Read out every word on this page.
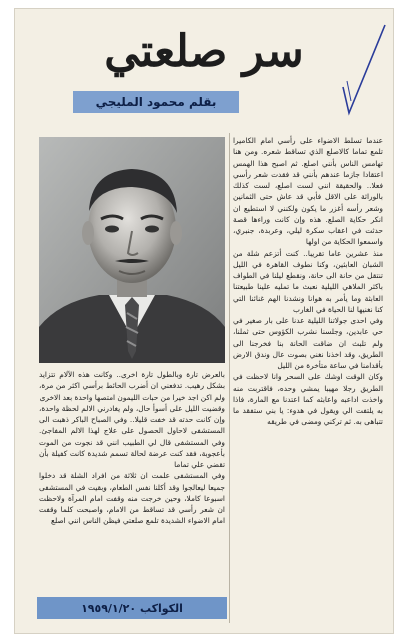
سر صلعتي
بقلم محمود المليجي

عندما تسلط الاضواء على رأسي امام الكاميرا تلمع تماما كالاصلع الذي تساقط شعره. ومن هنا تهامس الناس بأنني اصلع. ثم اصبح هذا الهمس اعتقادا جازما عندهم بأنني قد فقدت شعر رأسي فعلا.. والحقيقة انني لست اصلع، لست كذلك بالوراثة على الاقل فأبي قد عاش حتى الثمانين وشعر رأسه أغزر ما يكون ولكنني لا استطيع ان انكر حكاية الصلع. هذه وإن كانت وراءها قصة حدثت في اعقاب سكرة ليلي، وعربدة، جنبري، واسمعوا الحكاية من اولها

منذ عشرين عاما تقريبا.. كنت أتزعم شلة من الشبان العابثين، وكنا نطوف القاهرة في الليل تنتقل من حانة الى حانة، ونقطع ليلنا في الطواف باكثر الملاهي الليلية نعبث ما تمليه علينا طبيعتنا العابثة وما يأمر به هوانا ونشدنا الهم غنائنا التي كنا نغنيها لنا الحياة في الغارب

وفي احدى جولاتنا الليلية عدنا على بار صغير في حي عابدين، وجلسنا نشرب الكؤوس حتى ثملنا، ولم تلبث ان ضاقت الحانة بنا فخرجنا الى الطريق، وقد اخذنا نغني بصوت عال وندق الارض بأقدامنا في ساعة متأخرة من الليل

وكان الوقت اوشك على السحر وانا لاحظت في الطريق رجلا مهيبا يمشي وحده، فاقتربت منه واخذت اداعبه واعابثه كما اعتدنا مع المارة، فاذا به يلتفت الي ويقول في هدوء: يا بني ستفقد ما تتباهى به. ثم تركني ومضى في طريقه

بالعرض تارة وبالطول تارة اخرى.. وكانت هذه الآلام تتزايد بشكل رهيب. تدفعني ان أضرب الحائط برأسي اكثر من مرة، ولم اكن اجد خيرا من حبات الليمون امتصها واحدة بعد الاخرى

وقضيت الليل على أسوأ حال، ولم يغادرني الالم لحظة واحدة، وإن كانت حدته قد خفت قليلا.. وفي الصباح الباكر ذهبت الى المستشفى لاحاول الحصول على علاج لهذا الالم المفاجئ. وفي المستشفى قال لي الطبيب انني قد نجوت من الموت بأعجوبة، فقد كنت عرضة لحالة تسمم شديدة كانت كفيلة بأن تقضي علي تماما

وفي المستشفى علمت ان ثلاثة من افراد الشلة قد دخلوا جميعا ليعالجوا وقد أكلنا نفس الطعام، وبقيت في المستشفى اسبوعا كاملا، وحين خرجت منه وقفت امام المرآة ولاحظت ان شعر رأسي قد تساقط من الامام، واصبحت كلما وقفت امام الاضواء الشديدة تلمع صلعتي فيظن الناس انني اصلع

الكواكب ١٩٥٩/١/٢٠
